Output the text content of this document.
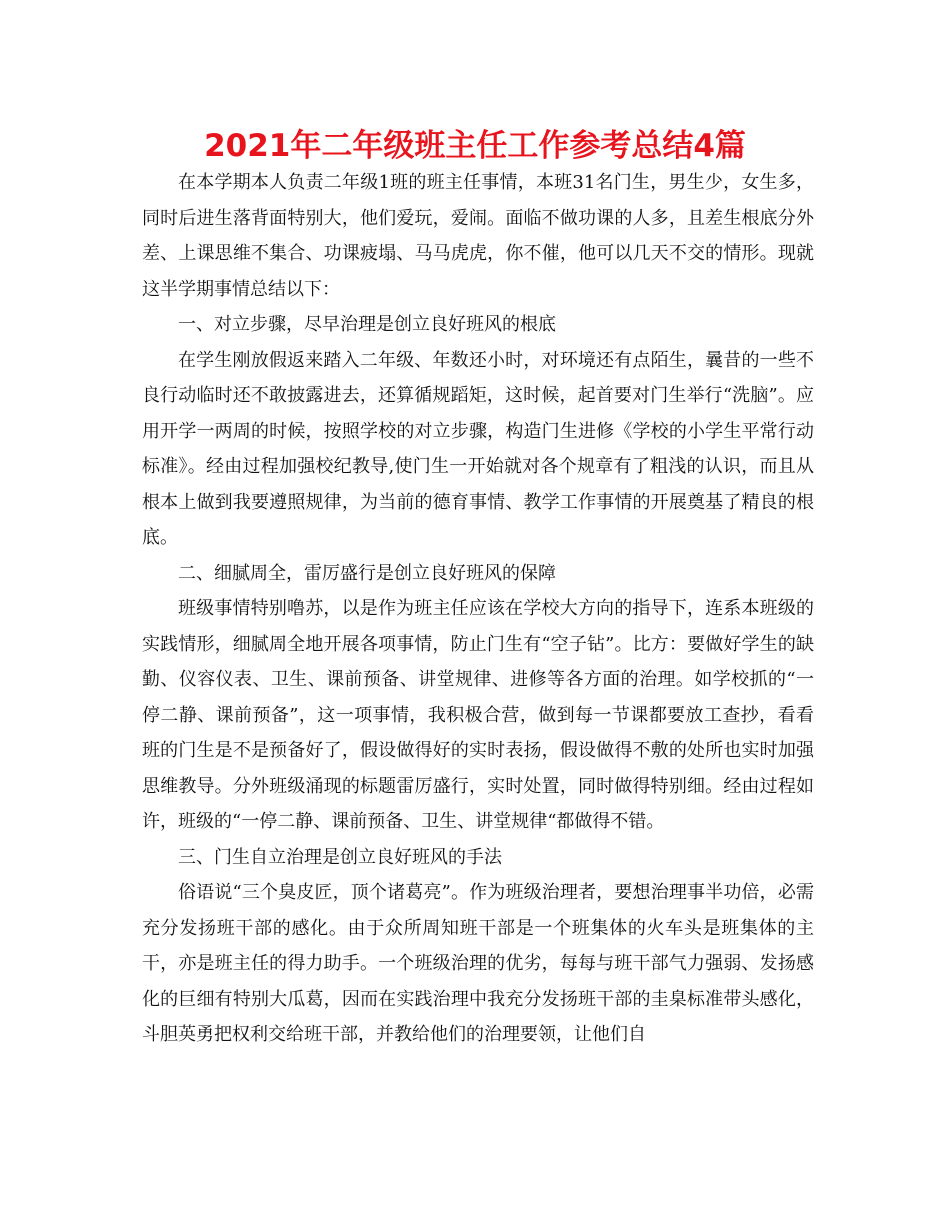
2021年二年级班主任工作参考总结4篇

在本学期本人负责二年级1班的班主任事情，本班31名门生，男生少，女生多，同时后进生落背面特别大，他们爱玩，爱闹。面临不做功课的人多，且差生根底分外差、上课思维不集合、功课疲塌、马马虎虎，你不催，他可以几天不交的情形。现就这半学期事情总结以下：

一、对立步骤，尽早治理是创立良好班风的根底

在学生刚放假返来踏入二年级、年数还小时，对环境还有点陌生，曩昔的一些不良行动临时还不敢披露进去，还算循规蹈矩，这时候，起首要对门生举行“洗脑”。应用开学一两周的时候，按照学校的对立步骤，构造门生进修《学校的小学生平常行动标准》。经由过程加强校纪教导,使门生一开始就对各个规章有了粗浅的认识，而且从根本上做到我要遵照规律，为当前的德育事情、教学工作事情的开展奠基了精良的根底。

二、细腻周全，雷厉盛行是创立良好班风的保障

班级事情特别噜苏，以是作为班主任应该在学校大方向的指导下，连系本班级的实践情形，细腻周全地开展各项事情，防止门生有“空子钻”。比方：要做好学生的缺勤、仪容仪表、卫生、课前预备、讲堂规律、进修等各方面的治理。如学校抓的“一停二静、课前预备”，这一项事情，我积极合营，做到每一节课都要放工查抄，看看班的门生是不是预备好了，假设做得好的实时表扬，假设做得不敷的处所也实时加强思维教导。分外班级涌现的标题雷厉盛行，实时处置，同时做得特别细。经由过程如许，班级的“一停二静、课前预备、卫生、讲堂规律“都做得不错。

三、门生自立治理是创立良好班风的手法

俗语说“三个臭皮匠，顶个诸葛亮”。作为班级治理者，要想治理事半功倍，必需充分发扬班干部的感化。由于众所周知班干部是一个班集体的火车头是班集体的主干，亦是班主任的得力助手。一个班级治理的优劣，每每与班干部气力强弱、发扬感化的巨细有特别大瓜葛，因而在实践治理中我充分发扬班干部的圭臬标准带头感化，斗胆英勇把权利交给班干部，并教给他们的治理要领，让他们自
